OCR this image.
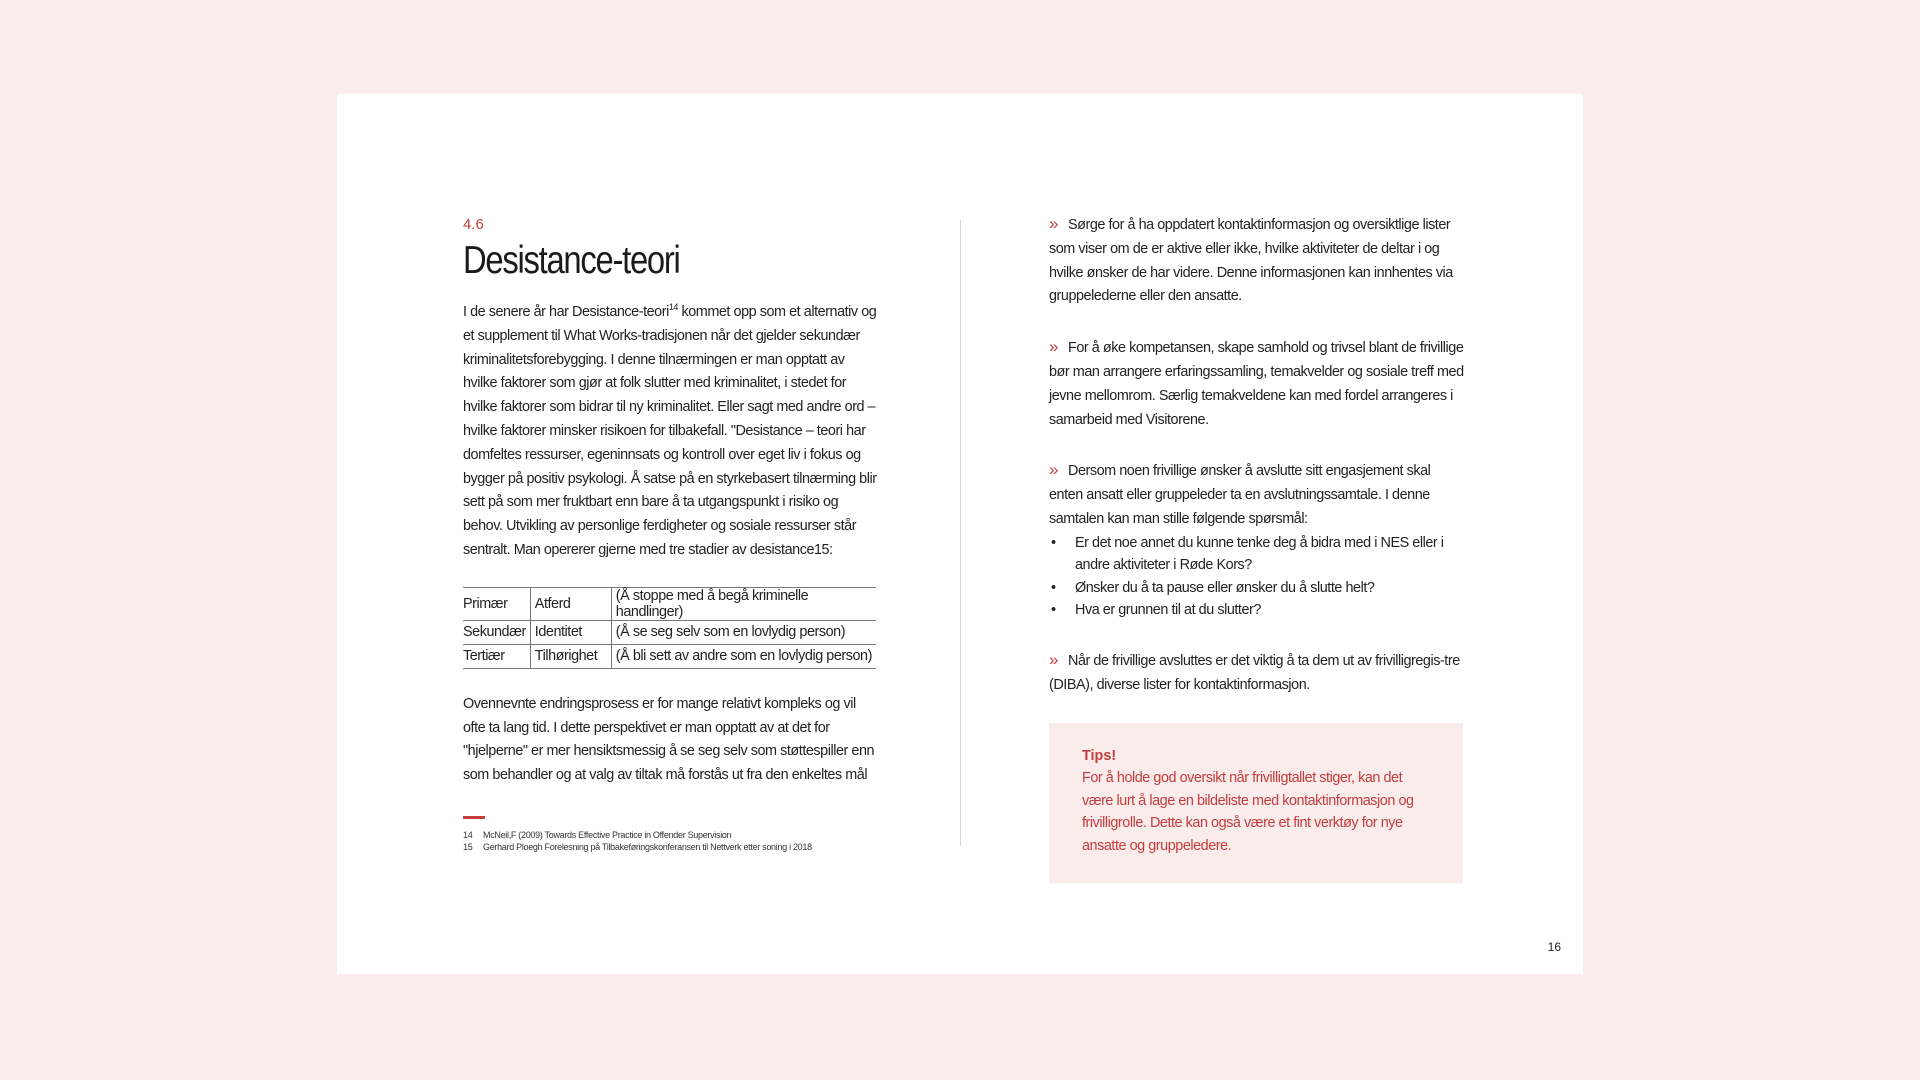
4.6
Desistance-teori

I de senere år har Desistance-teori$^{14}$ kommet opp som et alternativ og et supplement til What Works-tradisjonen når det gjelder sekundær kriminalitetsforebygging. I denne tilnærmingen er man opptatt av hvilke faktorer som gjør at folk slutter med kriminalitet, i stedet for hvilke faktorer som bidrar til ny kriminalitet. Eller sagt med andre ord – hvilke faktorer minsker risikoen for tilbakefall. "Desistance – teori har domfeltes ressurser, egeninnsats og kontroll over eget liv i fokus og bygger på positiv psykologi. Å satse på en styrkebasert tilnærming blir sett på som mer fruktbart enn bare å ta utgangspunkt i risiko og behov. Utvikling av personlige ferdigheter og sosiale ressurser står sentralt. Man opererer gjerne med tre stadier av desistance15:

Primær	Atferd	(Å stoppe med å begå kriminelle handlinger)
Sekundær	Identitet	(Å se seg selv som en lovlydig person)
Tertiær	Tilhørighet	(Å bli sett av andre som en lovlydig person)

Ovennevnte endringsprosess er for mange relativt kompleks og vil ofte ta lang tid. I dette perspektivet er man opptatt av at det for "hjelperne" er mer hensiktsmessig å se seg selv som støttespiller enn som behandler og at valg av tiltak må forstås ut fra den enkeltes mål

14 McNeil,F (2009) Towards Effective Practice in Offender Supervision
15 Gerhard Ploegh Forelesning på Tilbakeføringskonferansen til Nettverk etter soning i 2018

» Sørge for å ha oppdatert kontaktinformasjon og oversiktlige lister som viser om de er aktive eller ikke, hvilke aktiviteter de deltar i og hvilke ønsker de har videre. Denne informasjonen kan innhentes via gruppelederne eller den ansatte.

» For å øke kompetansen, skape samhold og trivsel blant de frivillige bør man arrangere erfaringssamling, temakvelder og sosiale treff med jevne mellomrom. Særlig temakveldene kan med fordel arrangeres i samarbeid med Visitorene.

» Dersom noen frivillige ønsker å avslutte sitt engasjement skal enten ansatt eller gruppeleder ta en avslutningssamtale. I denne samtalen kan man stille følgende spørsmål:

• Er det noe annet du kunne tenke deg å bidra med i NES eller i andre aktiviteter i Røde Kors?
• Ønsker du å ta pause eller ønsker du å slutte helt?
• Hva er grunnen til at du slutter?

» Når de frivillige avsluttes er det viktig å ta dem ut av frivilligregis-tre (DIBA), diverse lister for kontaktinformasjon.

Tips!

For å holde god oversikt når frivilligtallet stiger, kan det være lurt å lage en bildeliste med kontaktinformasjon og frivilligrolle. Dette kan også være et fint verktøy for nye ansatte og gruppeledere.

16
